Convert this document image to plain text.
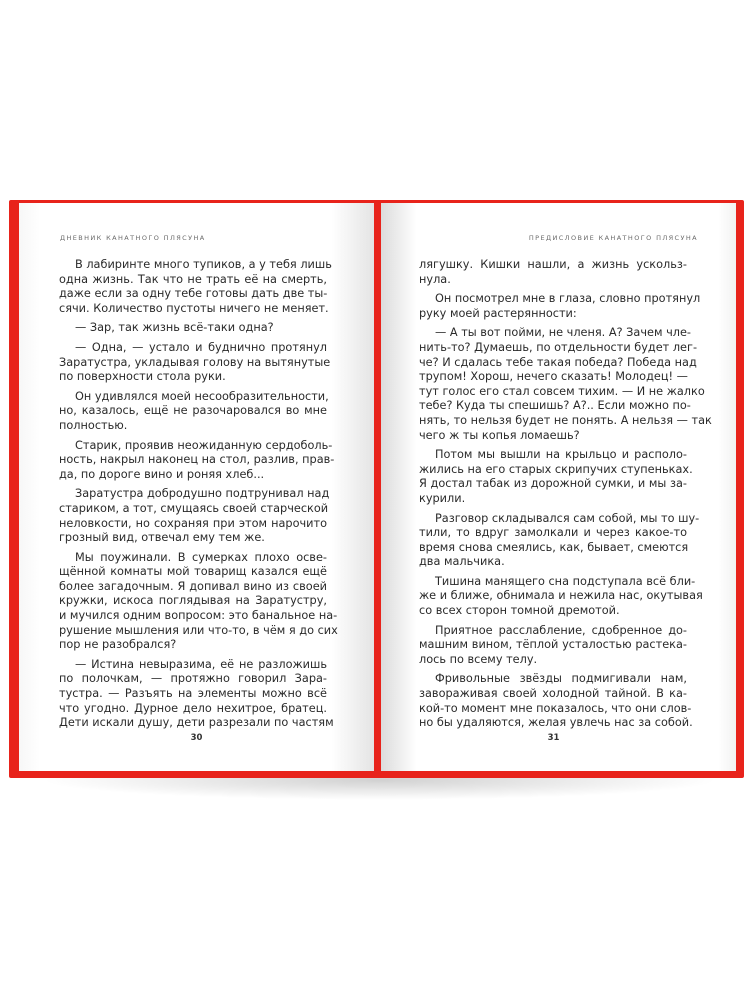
ДНЕВНИК КАНАТНОГО ПЛЯСУНА
В лабиринте много тупиков, а у тебя лишь
одна жизнь. Так что не трать её на смерть,
даже если за одну тебе готовы дать две ты-
сячи. Количество пустоты ничего не меняет.
— Зар, так жизнь всё-таки одна?
— Одна, — устало и буднично протянул
Заратустра, укладывая голову на вытянутые
по поверхности стола руки.
Он удивлялся моей несообразительности,
но, казалось, ещё не разочаровался во мне
полностью.
Старик, проявив неожиданную сердоболь-
ность, накрыл наконец на стол, разлив, прав-
да, по дороге вино и роняя хлеб...
Заратустра добродушно подтрунивал над
стариком, а тот, смущаясь своей старческой
неловкости, но сохраняя при этом нарочито
грозный вид, отвечал ему тем же.
Мы поужинали. В сумерках плохо осве-
щённой комнаты мой товарищ казался ещё
более загадочным. Я допивал вино из своей
кружки, искоса поглядывая на Заратустру,
и мучился одним вопросом: это банальное на-
рушение мышления или что-то, в чём я до сих
пор не разобрался?
— Истина невыразима, её не разложишь
по полочкам, — протяжно говорил Зара-
тустра. — Разъять на элементы можно всё
что угодно. Дурное дело нехитрое, братец.
Дети искали душу, дети разрезали по частям
30
ПРЕДИСЛОВИЕ КАНАТНОГО ПЛЯСУНА
лягушку. Кишки нашли, а жизнь ускольз-
нула.
Он посмотрел мне в глаза, словно протянул
руку моей растерянности:
— А ты вот пойми, не членя. А? Зачем чле-
нить-то? Думаешь, по отдельности будет лег-
че? И сдалась тебе такая победа? Победа над
трупом! Хорош, нечего сказать! Молодец! —
тут голос его стал совсем тихим. — И не жалко
тебе? Куда ты спешишь? А?.. Если можно по-
нять, то нельзя будет не понять. А нельзя — так
чего ж ты копья ломаешь?
Потом мы вышли на крыльцо и располо-
жились на его старых скрипучих ступеньках.
Я достал табак из дорожной сумки, и мы за-
курили.
Разговор складывался сам собой, мы то шу-
тили, то вдруг замолкали и через какое-то
время снова смеялись, как, бывает, смеются
два мальчика.
Тишина манящего сна подступала всё бли-
же и ближе, обнимала и нежила нас, окутывая
со всех сторон томной дремотой.
Приятное расслабление, сдобренное до-
машним вином, тёплой усталостью растека-
лось по всему телу.
Фривольные звёзды подмигивали нам,
завораживая своей холодной тайной. В ка-
кой-то момент мне показалось, что они слов-
но бы удаляются, желая увлечь нас за собой.
31
